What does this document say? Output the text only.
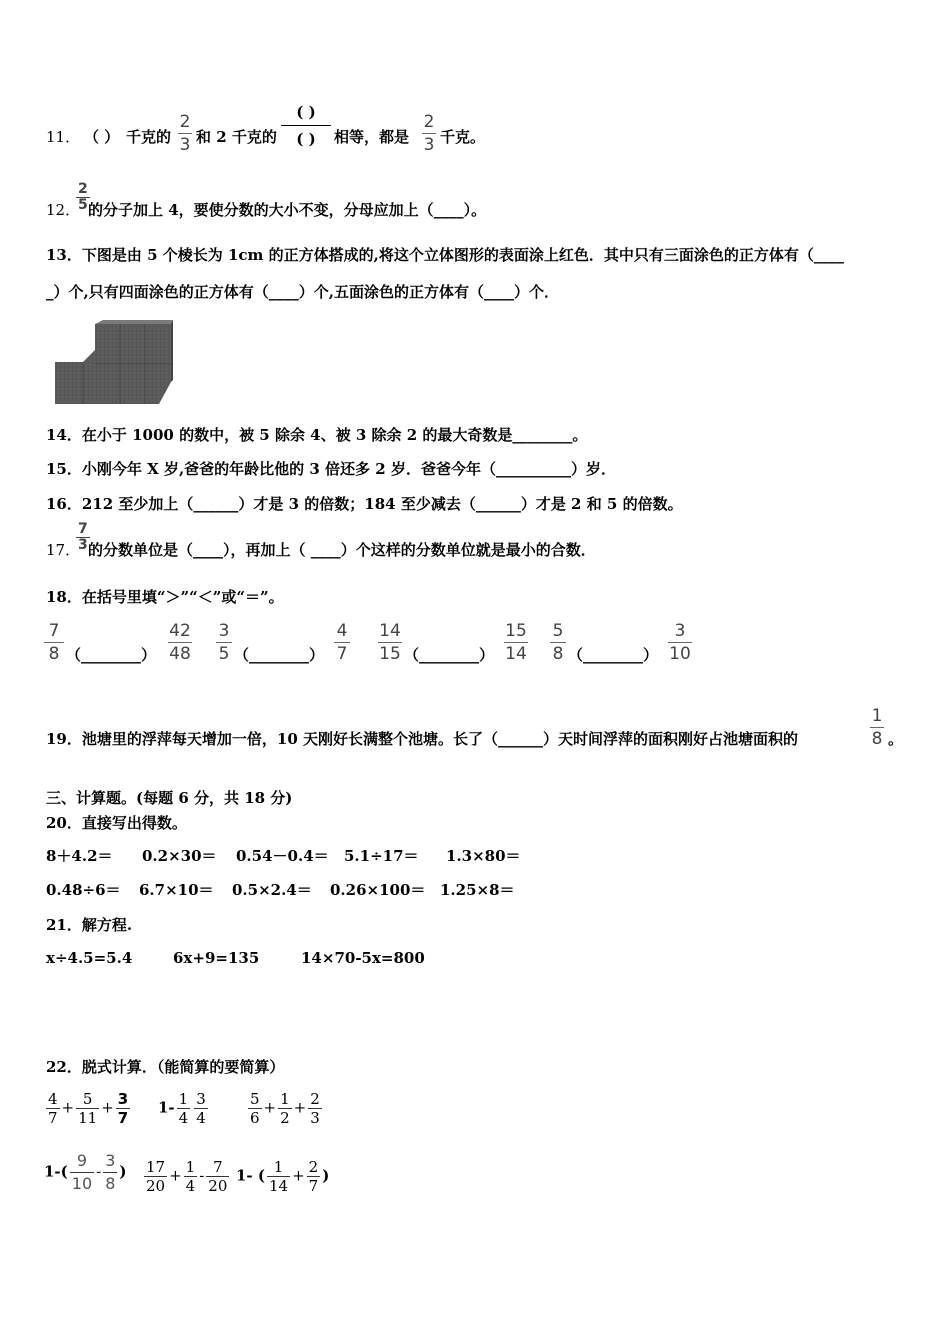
11． （ ） 千克的
2
3 和 2 千克的
( )
( )	相等，都是
2
3 千克。
12．
2
5 的分子加上 4，要使分数的大小不变，分母应加上（____）。
13．下图是由 5 个棱长为 1cm 的正方体搭成的,将这个立体图形的表面涂上红色．其中只有三面涂色的正方体有（____
_）个,只有四面涂色的正方体有（____）个,五面涂色的正方体有（____）个．
14．在小于 1000 的数中，被 5 除余 4、被 3 除余 2 的最大奇数是________。
15．小刚今年 X 岁,爸爸的年龄比他的 3 倍还多 2 岁．爸爸今年（__________）岁．
16．212 至少加上（______）才是 3 的倍数；184 至少减去（______）才是 2 和 5 的倍数。
17．
7
3 的分数单位是（____），再加上（ ____）个这样的分数单位就是最小的合数．
18．在括号里填“＞”“＜”或“＝”。
7
8 （________）
42
48
3
5 （________）
4
7
14
15 （________）
15
14
5
8 （________）
3
10
19．池塘里的浮萍每天增加一倍，10 天刚好长满整个池塘。长了（______）天时间浮萍的面积刚好占池塘面积的
1
8 。
三、计算题。(每题 6 分，共 18 分)
20．直接写出得数。
8＋4.2＝ 0.2×30＝ 0.54－0.4＝ 5.1÷17＝ 1.3×80＝
0.48÷6＝ 6.7×10＝ 0.5×2.4＝ 0.26×100＝ 1.25×8＝
21．解方程.
x÷4.5=5.4	6x+9=135	14×70-5x=800
22．脱式计算．（能简算的要简算）
$\frac{4}{7} + \frac{5}{11} + \frac{3}{7} 1- \frac{1}{4} \frac{3}{4}$	$\frac{5}{6} + \frac{1}{2} + \frac{2}{3}$
$1-( \frac{9}{10} - \frac{3}{8}$ ) $\frac{17}{20} + \frac{1}{4} - \frac{7}{20} 1-$ ( $\frac{1}{14} + \frac{2}{7}$ )
